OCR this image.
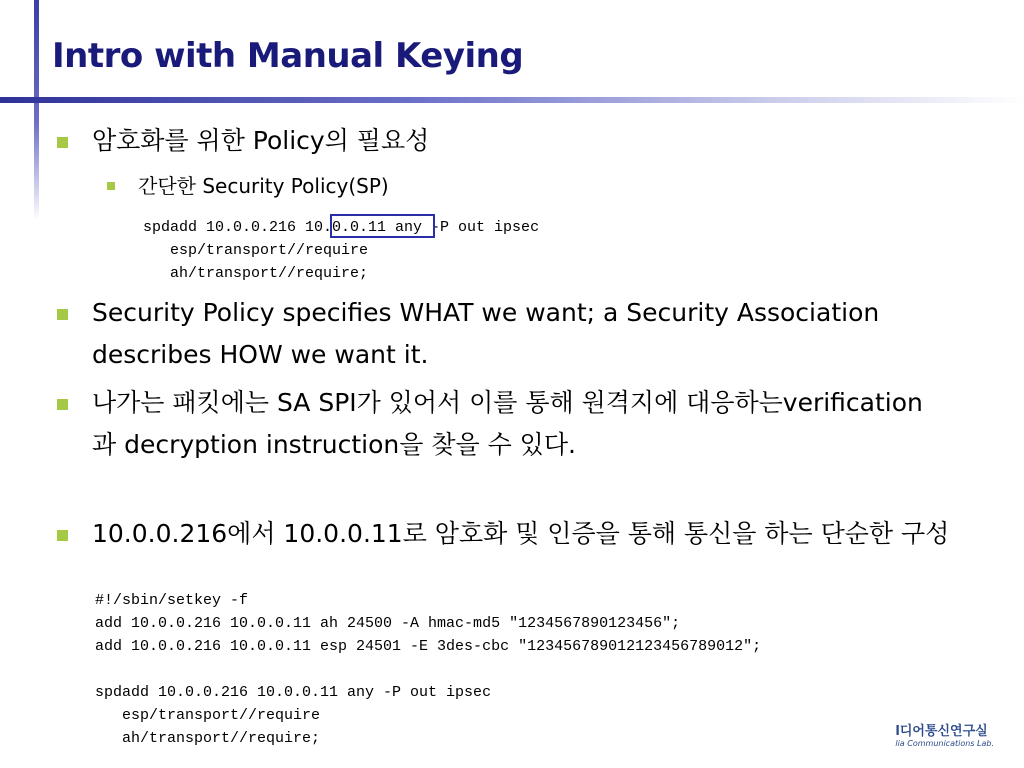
Intro with Manual Keying
암호화를 위한 Policy의 필요성
간단한 Security Policy(SP)
spdadd 10.0.0.216 10.0.0.11 any -P out ipsec
esp/transport//require
ah/transport//require;
Security Policy specifies WHAT we want; a Security Association describes HOW we want it.
나가는 패킷에는 SA SPI가 있어서 이를 통해 원격지에 대응하는verification과 decryption instruction을 찾을 수 있다.
10.0.0.216에서 10.0.0.11로 암호화 및 인증을 통해 통신을 하는 단순한 구성
#!/sbin/setkey -f
add 10.0.0.216 10.0.0.11 ah 24500 -A hmac-md5 "1234567890123456";
add 10.0.0.216 10.0.0.11 esp 24501 -E 3des-cbc "123456789012123456789012";

spdadd 10.0.0.216 10.0.0.11 any -P out ipsec
esp/transport//require
ah/transport//require;	l디어통신연구실
lia Communications Lab.
